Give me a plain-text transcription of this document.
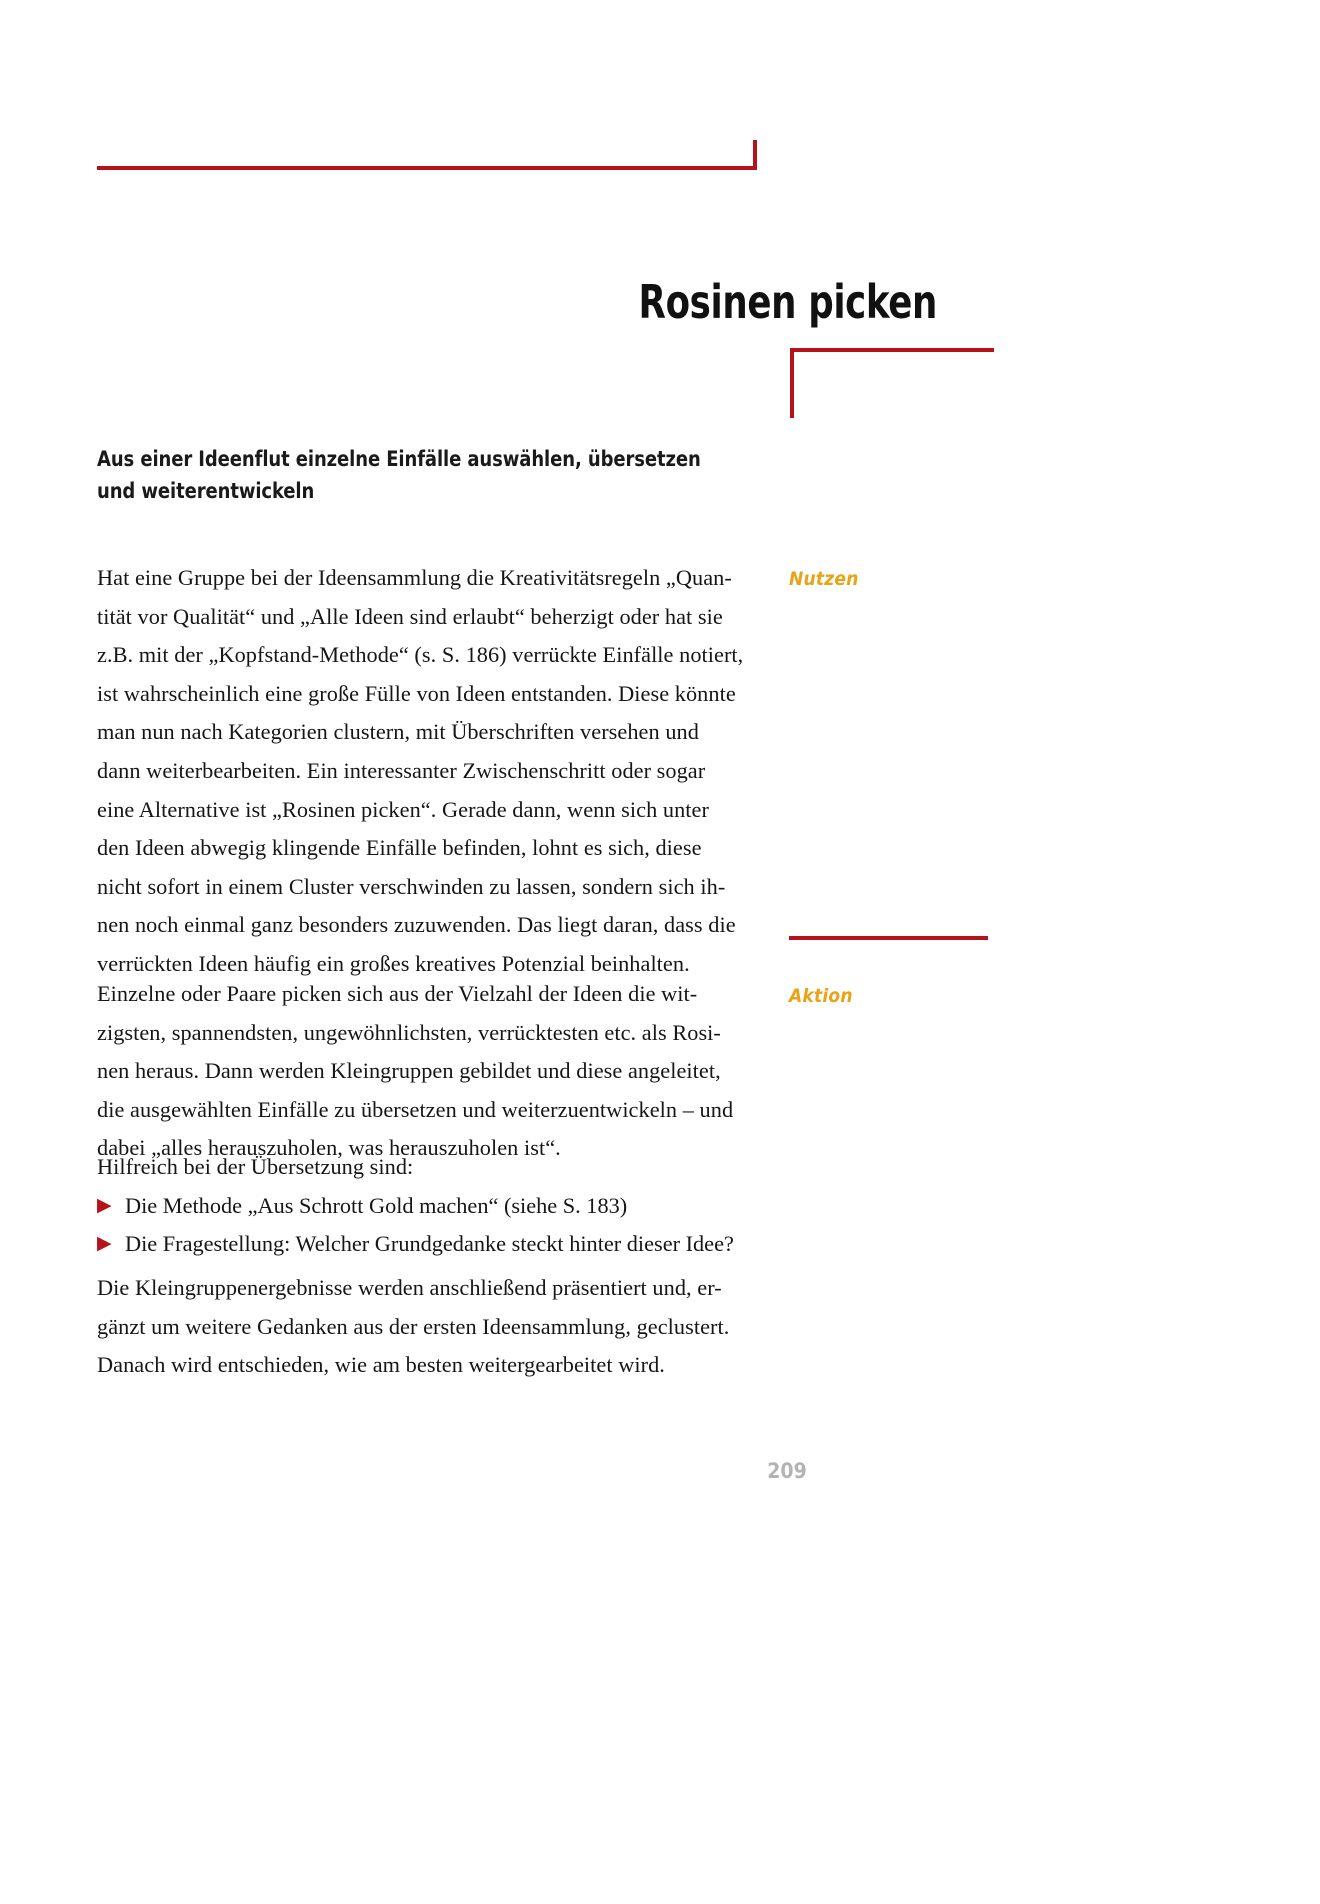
Rosinen picken
Aus einer Ideenflut einzelne Einfälle auswählen, übersetzen
und weiterentwickeln
Nutzen
Hat eine Gruppe bei der Ideensammlung die Kreativitätsregeln „Quan-
tität vor Qualität“ und „Alle Ideen sind erlaubt“ beherzigt oder hat sie
z.B. mit der „Kopfstand-Methode“ (s. S. 186) verrückte Einfälle notiert,
ist wahrscheinlich eine große Fülle von Ideen entstanden. Diese könnte
man nun nach Kategorien clustern, mit Überschriften versehen und
dann weiterbearbeiten. Ein interessanter Zwischenschritt oder sogar
eine Alternative ist „Rosinen picken“. Gerade dann, wenn sich unter
den Ideen abwegig klingende Einfälle befinden, lohnt es sich, diese
nicht sofort in einem Cluster verschwinden zu lassen, sondern sich ih-
nen noch einmal ganz besonders zuzuwenden. Das liegt daran, dass die
verrückten Ideen häufig ein großes kreatives Potenzial beinhalten.
Aktion
Einzelne oder Paare picken sich aus der Vielzahl der Ideen die wit-
zigsten, spannendsten, ungewöhnlichsten, verrücktesten etc. als Rosi-
nen heraus. Dann werden Kleingruppen gebildet und diese angeleitet,
die ausgewählten Einfälle zu übersetzen und weiterzuentwickeln – und
dabei „alles herauszuholen, was herauszuholen ist“.
Hilfreich bei der Übersetzung sind:
▶ Die Methode „Aus Schrott Gold machen“ (siehe S. 183)
▶ Die Fragestellung: Welcher Grundgedanke steckt hinter dieser Idee?
Die Kleingruppenergebnisse werden anschließend präsentiert und, er-
gänzt um weitere Gedanken aus der ersten Ideensammlung, geclustert.
Danach wird entschieden, wie am besten weitergearbeitet wird.
209
